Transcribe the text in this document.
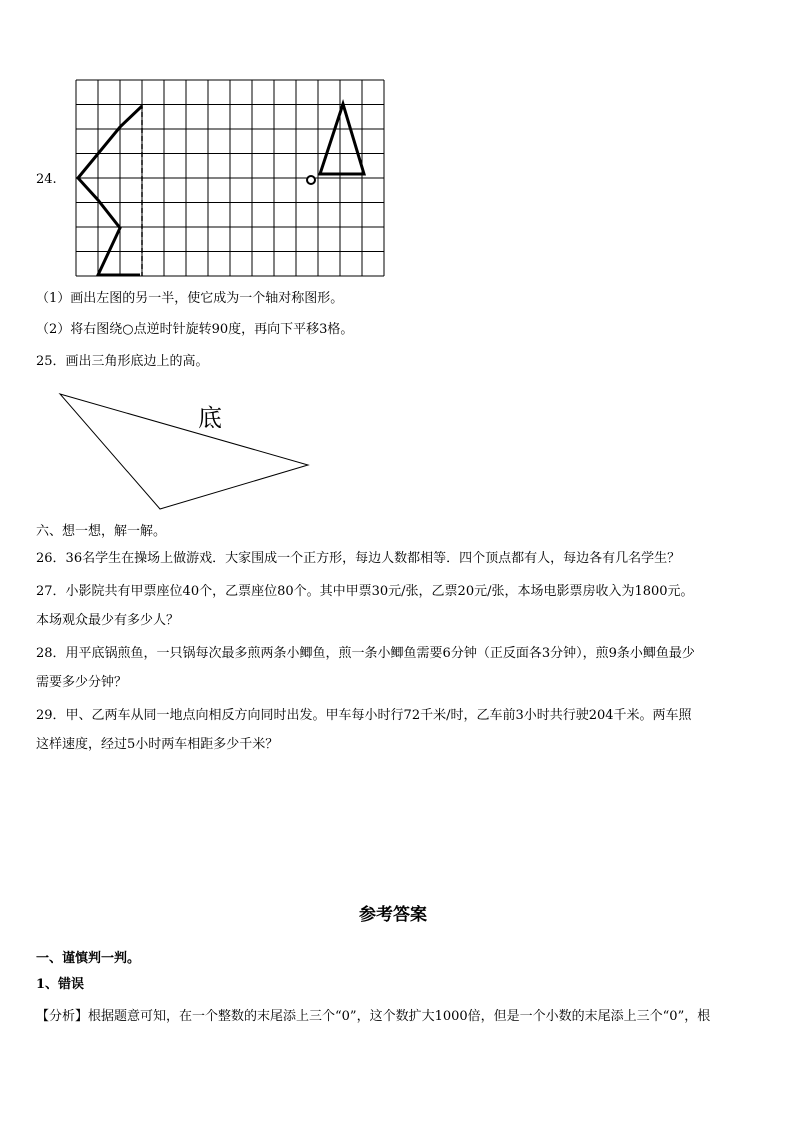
24.
（1）画出左图的另一半，使它成为一个轴对称图形。
（2）将右图绕○点逆时针旋转90度，再向下平移3格。
25．画出三角形底边上的高。
底
六、想一想，解一解。
26．36名学生在操场上做游戏．大家围成一个正方形，每边人数都相等．四个顶点都有人，每边各有几名学生？
27．小影院共有甲票座位40个，乙票座位80个。其中甲票30元/张，乙票20元/张，本场电影票房收入为1800元。
本场观众最少有多少人？
28．用平底锅煎鱼，一只锅每次最多煎两条小鲫鱼，煎一条小鲫鱼需要6分钟（正反面各3分钟），煎9条小鲫鱼最少
需要多少分钟？
29．甲、乙两车从同一地点向相反方向同时出发。甲车每小时行72千米/时，乙车前3小时共行驶204千米。两车照
这样速度，经过5小时两车相距多少千米？
参考答案
一、谨慎判一判。
1、错误
【分析】根据题意可知，在一个整数的末尾添上三个“0”，这个数扩大1000倍，但是一个小数的末尾添上三个“0”，根
